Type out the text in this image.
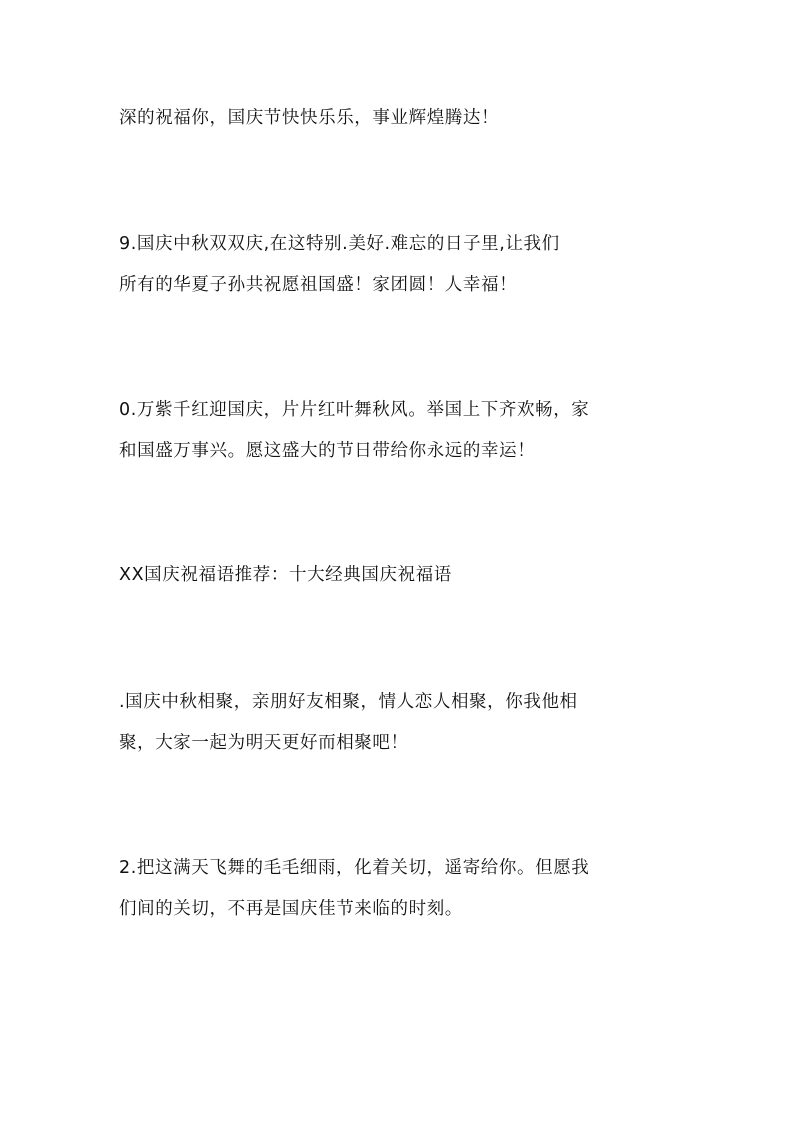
深的祝福你，国庆节快快乐乐，事业辉煌腾达！
9.国庆中秋双双庆,在这特别.美好.难忘的日子里,让我们
所有的华夏子孙共祝愿祖国盛！家团圆！人幸福！
0.万紫千红迎国庆，片片红叶舞秋风。举国上下齐欢畅，家
和国盛万事兴。愿这盛大的节日带给你永远的幸运！
XX国庆祝福语推荐：十大经典国庆祝福语
.国庆中秋相聚，亲朋好友相聚，情人恋人相聚，你我他相
聚，大家一起为明天更好而相聚吧！
2.把这满天飞舞的毛毛细雨，化着关切，遥寄给你。但愿我
们间的关切，不再是国庆佳节来临的时刻。
